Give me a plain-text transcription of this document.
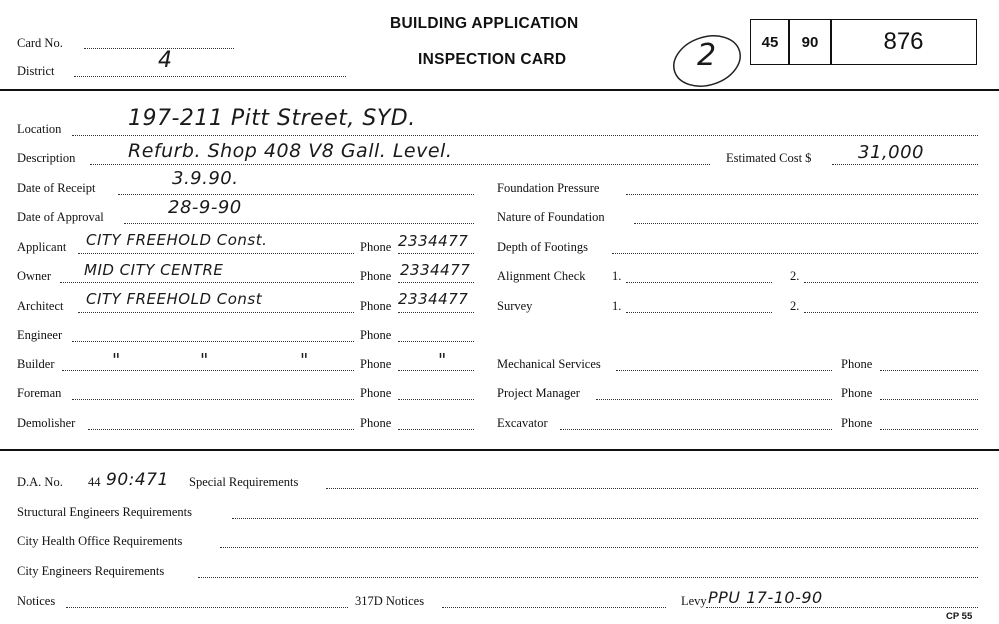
Card No.
District	4
BUILDING APPLICATION
INSPECTION CARD	2	45 90	876
Location	197-211 Pitt Street, SYD.
Description	Refurb. Shop 408 V8 Gall. Level.	Estimated Cost $	31,000
Date of Receipt	3.9.90.
Date of Approval	28-9-90
Applicant CITY FREEHOLD Const.	Phone 2334477
Owner MID CITY CENTRE	Phone 2334477
Architect CITY FREEHOLD Const	Phone 2334477
Engineer	Phone
Builder	"	"	"	Phone	"
Foreman	Phone
Demolisher	Phone
Foundation Pressure
Nature of Foundation
Depth of Footings
Alignment Check 1.	2.
Survey	1.	2.
Mechanical Services	Phone
Project Manager	Phone
Excavator	Phone
D.A. No. 44 90:471 Special Requirements
Structural Engineers Requirements
City Health Office Requirements
City Engineers Requirements
Notices	317D Notices	Levy PPU 17-10-90
CP 55
